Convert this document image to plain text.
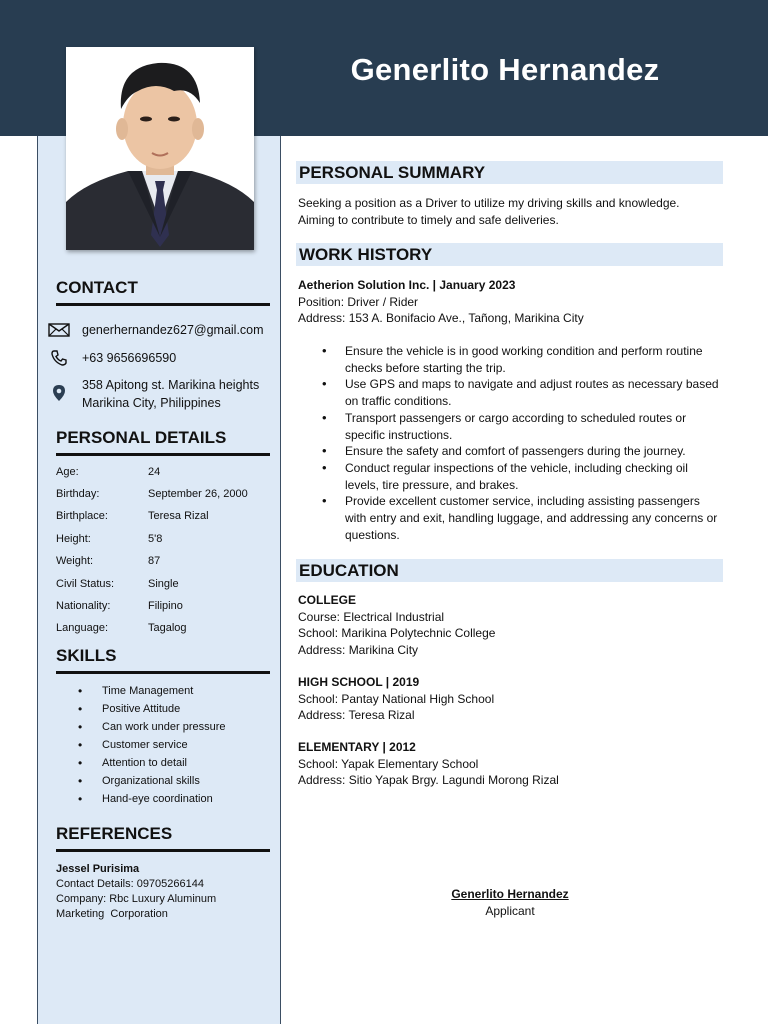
Generlito Hernandez
CONTACT
generhernandez627@gmail.com
+63 9656696590
358 Apitong st. Marikina heights
Marikina City, Philippines
PERSONAL DETAILS
Age:	24
Birthday:	September 26, 2000
Birthplace:	Teresa Rizal
Height:	5'8
Weight:	87
Civil Status:	Single
Nationality:	Filipino
Language:	Tagalog
SKILLS
• Time Management
• Positive Attitude
• Can work under pressure
• Customer service
• Attention to detail
• Organizational skills
• Hand-eye coordination
REFERENCES
Jessel Purisima
Contact Details: 09705266144
Company: Rbc Luxury Aluminum
Marketing  Corporation
PERSONAL SUMMARY
Seeking a position as a Driver to utilize my driving skills and knowledge.
Aiming to contribute to timely and safe deliveries.
WORK HISTORY
Aetherion Solution Inc. | January 2023
Position: Driver / Rider
Address: 153 A. Bonifacio Ave., Tañong, Marikina City
• Ensure the vehicle is in good working condition and perform routine checks before starting the trip.
• Use GPS and maps to navigate and adjust routes as necessary based on traffic conditions.
• Transport passengers or cargo according to scheduled routes or specific instructions.
• Ensure the safety and comfort of passengers during the journey.
• Conduct regular inspections of the vehicle, including checking oil levels, tire pressure, and brakes.
• Provide excellent customer service, including assisting passengers with entry and exit, handling luggage, and addressing any concerns or questions.
EDUCATION
COLLEGE
Course: Electrical Industrial
School: Marikina Polytechnic College
Address: Marikina City
HIGH SCHOOL | 2019
School: Pantay National High School
Address: Teresa Rizal
ELEMENTARY | 2012
School: Yapak Elementary School
Address: Sitio Yapak Brgy. Lagundi Morong Rizal
Generlito Hernandez
Applicant
